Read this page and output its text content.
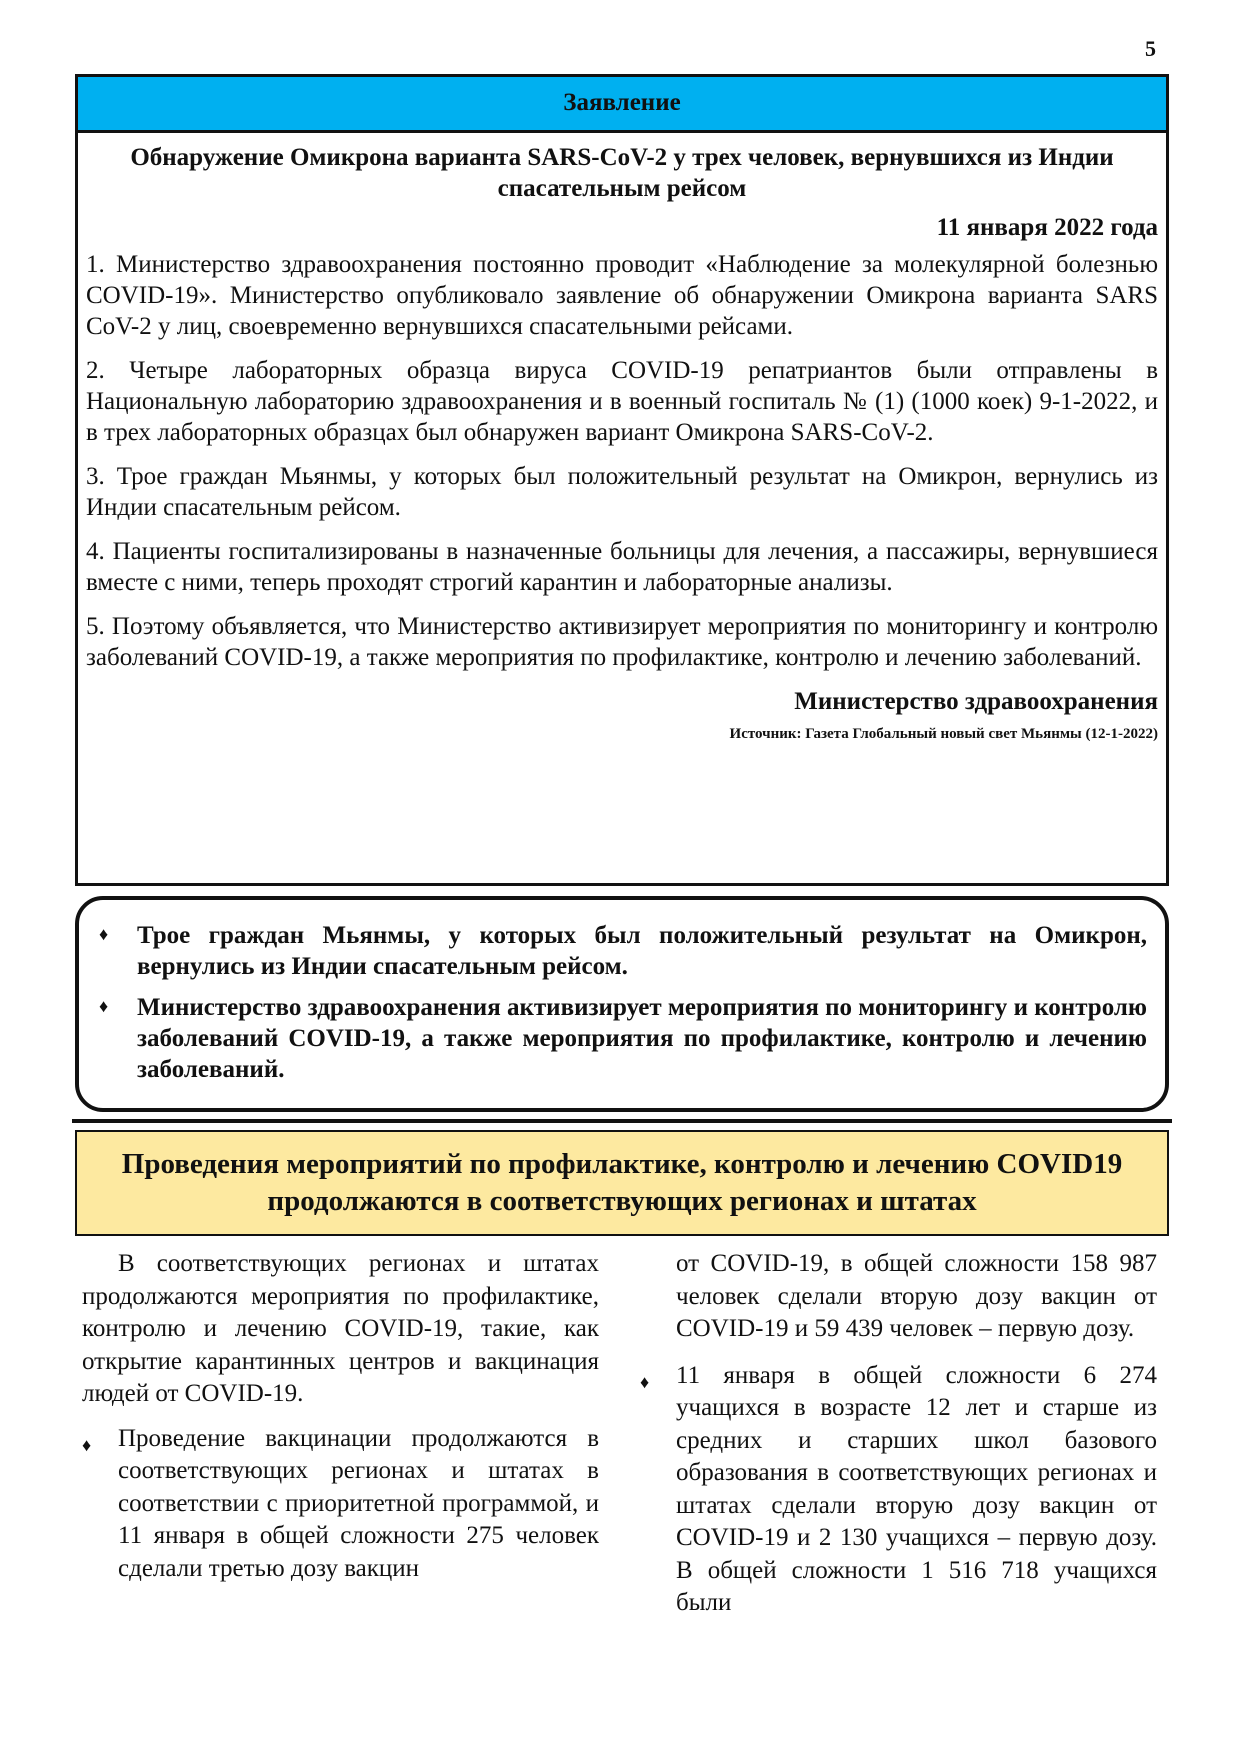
5
Заявление
Обнаружение Омикрона варианта SARS-CoV-2 у трех человек, вернувшихся из Индии спасательным рейсом
11 января 2022 года

1. Министерство здравоохранения постоянно проводит «Наблюдение за молекулярной болезнью COVID-19». Министерство опубликовало заявление об обнаружении Омикрона варианта SARS CoV-2 у лиц, своевременно вернувшихся спасательными рейсами.

2. Четыре лабораторных образца вируса COVID-19 репатриантов были отправлены в Национальную лабораторию здравоохранения и в военный госпиталь № (1) (1000 коек) 9-1-2022, и в трех лабораторных образцах был обнаружен вариант Омикрона SARS-CoV-2.

3. Трое граждан Мьянмы, у которых был положительный результат на Омикрон, вернулись из Индии спасательным рейсом.

4. Пациенты госпитализированы в назначенные больницы для лечения, а пассажиры, вернувшиеся вместе с ними, теперь проходят строгий карантин и лабораторные анализы.

5. Поэтому объявляется, что Министерство активизирует мероприятия по мониторингу и контролю заболеваний COVID-19, а также мероприятия по профилактике, контролю и лечению заболеваний.

Министерство здравоохранения
Источник: Газета Глобальный новый свет Мьянмы (12-1-2022)
♦	Трое граждан Мьянмы, у которых был положительный результат на Омикрон, вернулись из Индии спасательным рейсом.
♦	Министерство здравоохранения активизирует мероприятия по мониторингу и контролю заболеваний COVID-19, а также мероприятия по профилактике, контролю и лечению заболеваний.
Проведения мероприятий по профилактике, контролю и лечению COVID19 продолжаются в соответствующих регионах и штатах

В соответствующих регионах и штатах продолжаются мероприятия по профилактике, контролю и лечению COVID-19, такие, как открытие карантинных центров и вакцинация людей от COVID-19.

♦	Проведение вакцинации продолжаются в соответствующих регионах и штатах в соответствии с приоритетной программой, и 11 января в общей сложности 275 человек сделали третью дозу вакцин

от COVID-19, в общей сложности 158 987 человек сделали вторую дозу вакцин от COVID-19 и 59 439 человек – первую дозу.

♦	11 января в общей сложности 6 274 учащихся в возрасте 12 лет и старше из средних и старших школ базового образования в соответствующих регионах и штатах сделали вторую дозу вакцин от COVID-19 и 2 130 учащихся – первую дозу. В общей сложности 1 516 718 учащихся были
